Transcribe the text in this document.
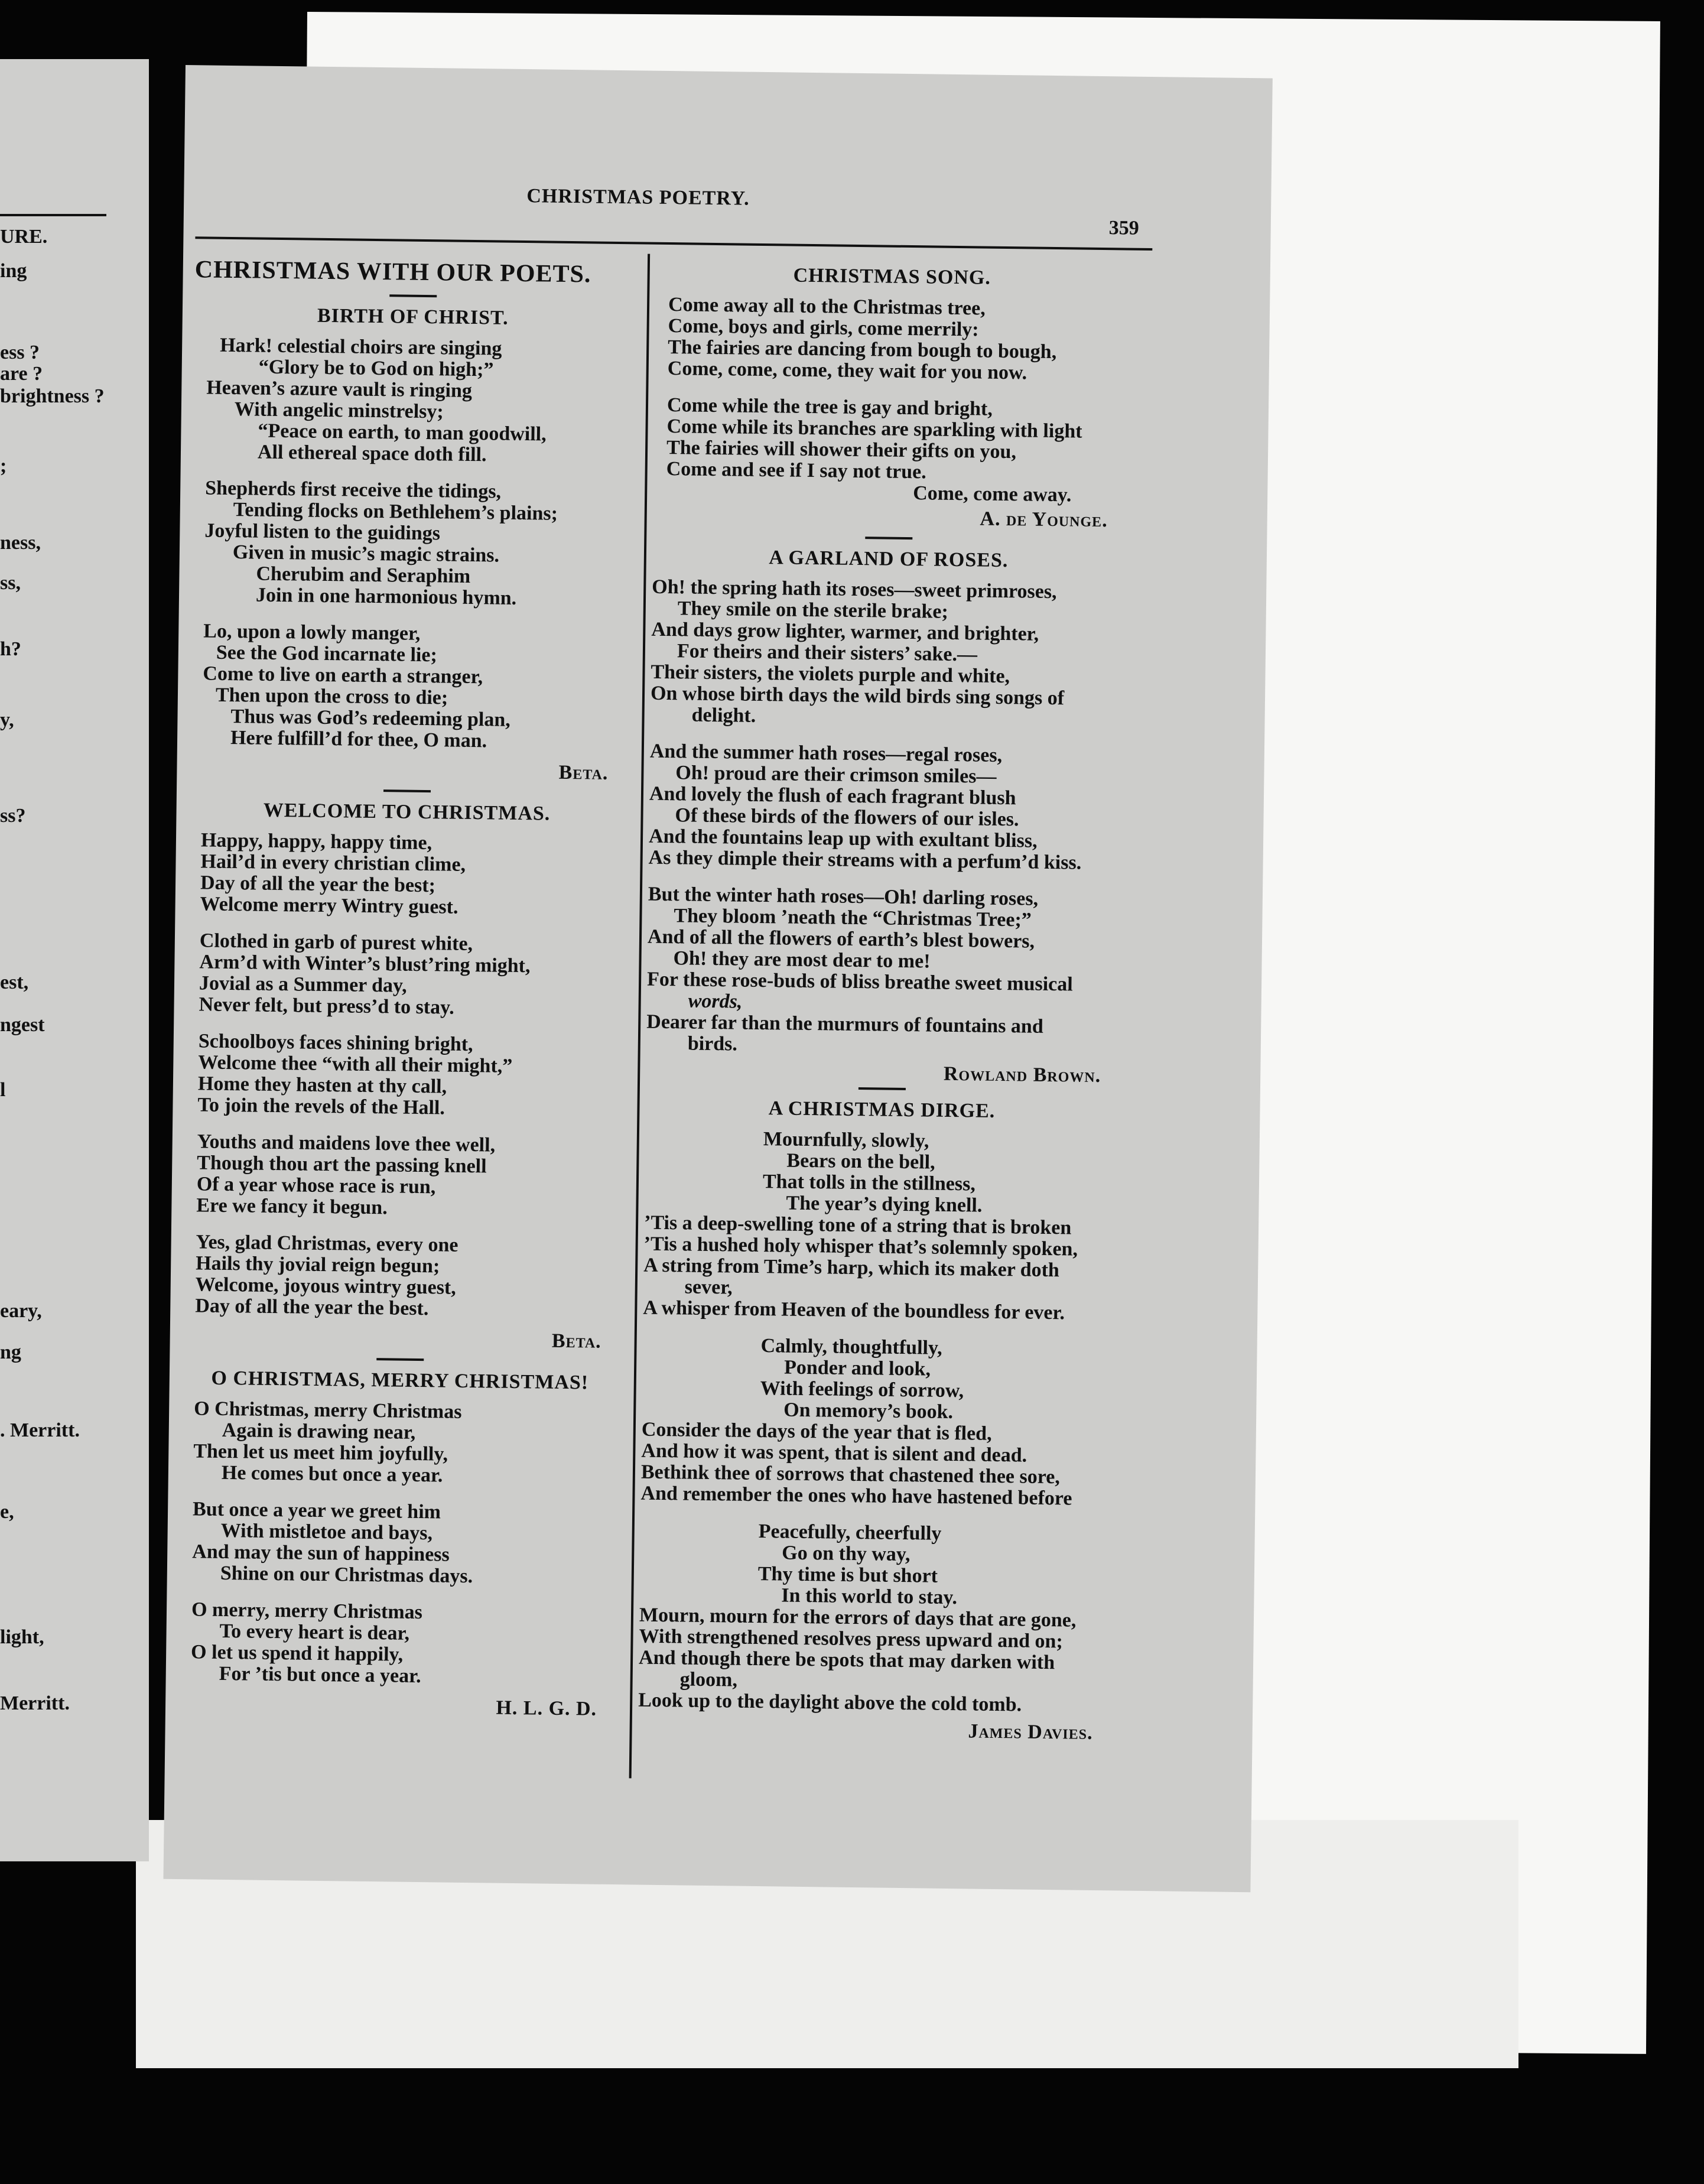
URE.
ing
ess ?
are ?
brightness ?
;
ness,
ss,
h?
y,
ss?
est,
ngest
l
eary,
ng
. Merritt.
e,
light,
Merritt.
CHRISTMAS POETRY.
359
CHRISTMAS WITH OUR POETS.
BIRTH OF CHRIST.
Hark! celestial choirs are singing
“Glory be to God on high;”
Heaven’s azure vault is ringing
With angelic minstrelsy;
“Peace on earth, to man goodwill,
All ethereal space doth fill.
Shepherds first receive the tidings,
Tending flocks on Bethlehem’s plains;
Joyful listen to the guidings
Given in music’s magic strains.
Cherubim and Seraphim
Join in one harmonious hymn.
Lo, upon a lowly manger,
See the God incarnate lie;
Come to live on earth a stranger,
Then upon the cross to die;
Thus was God’s redeeming plan,
Here fulfill’d for thee, O man.
Beta.
WELCOME TO CHRISTMAS.
Happy, happy, happy time,
Hail’d in every christian clime,
Day of all the year the best;
Welcome merry Wintry guest.
Clothed in garb of purest white,
Arm’d with Winter’s blust’ring might,
Jovial as a Summer day,
Never felt, but press’d to stay.
Schoolboys faces shining bright,
Welcome thee “with all their might,”
Home they hasten at thy call,
To join the revels of the Hall.
Youths and maidens love thee well,
Though thou art the passing knell
Of a year whose race is run,
Ere we fancy it begun.
Yes, glad Christmas, every one
Hails thy jovial reign begun;
Welcome, joyous wintry guest,
Day of all the year the best.
Beta.
O CHRISTMAS, MERRY CHRISTMAS!
O Christmas, merry Christmas
Again is drawing near,
Then let us meet him joyfully,
He comes but once a year.
But once a year we greet him
With mistletoe and bays,
And may the sun of happiness
Shine on our Christmas days.
O merry, merry Christmas
To every heart is dear,
O let us spend it happily,
For ’tis but once a year.
H. L. G. D.
CHRISTMAS SONG.
Come away all to the Christmas tree,
Come, boys and girls, come merrily:
The fairies are dancing from bough to bough,
Come, come, come, they wait for you now.
Come while the tree is gay and bright,
Come while its branches are sparkling with light
The fairies will shower their gifts on you,
Come and see if I say not true.
Come, come away.
A. de Younge.
A GARLAND OF ROSES.
Oh! the spring hath its roses—sweet primroses,
They smile on the sterile brake;
And days grow lighter, warmer, and brighter,
For theirs and their sisters’ sake.—
Their sisters, the violets purple and white,
On whose birth days the wild birds sing songs of
delight.
And the summer hath roses—regal roses,
Oh! proud are their crimson smiles—
And lovely the flush of each fragrant blush
Of these birds of the flowers of our isles.
And the fountains leap up with exultant bliss,
As they dimple their streams with a perfum’d kiss.
But the winter hath roses—Oh! darling roses,
They bloom ’neath the “Christmas Tree;”
And of all the flowers of earth’s blest bowers,
Oh! they are most dear to me!
For these rose-buds of bliss breathe sweet musical
words,
Dearer far than the murmurs of fountains and
birds.
Rowland Brown.
A CHRISTMAS DIRGE.
Mournfully, slowly,
Bears on the bell,
That tolls in the stillness,
The year’s dying knell.
’Tis a deep-swelling tone of a string that is broken
’Tis a hushed holy whisper that’s solemnly spoken,
A string from Time’s harp, which its maker doth
sever,
A whisper from Heaven of the boundless for ever.
Calmly, thoughtfully,
Ponder and look,
With feelings of sorrow,
On memory’s book.
Consider the days of the year that is fled,
And how it was spent, that is silent and dead.
Bethink thee of sorrows that chastened thee sore,
And remember the ones who have hastened before
Peacefully, cheerfully
Go on thy way,
Thy time is but short
In this world to stay.
Mourn, mourn for the errors of days that are gone,
With strengthened resolves press upward and on;
And though there be spots that may darken with
gloom,
Look up to the daylight above the cold tomb.
James Davies.
